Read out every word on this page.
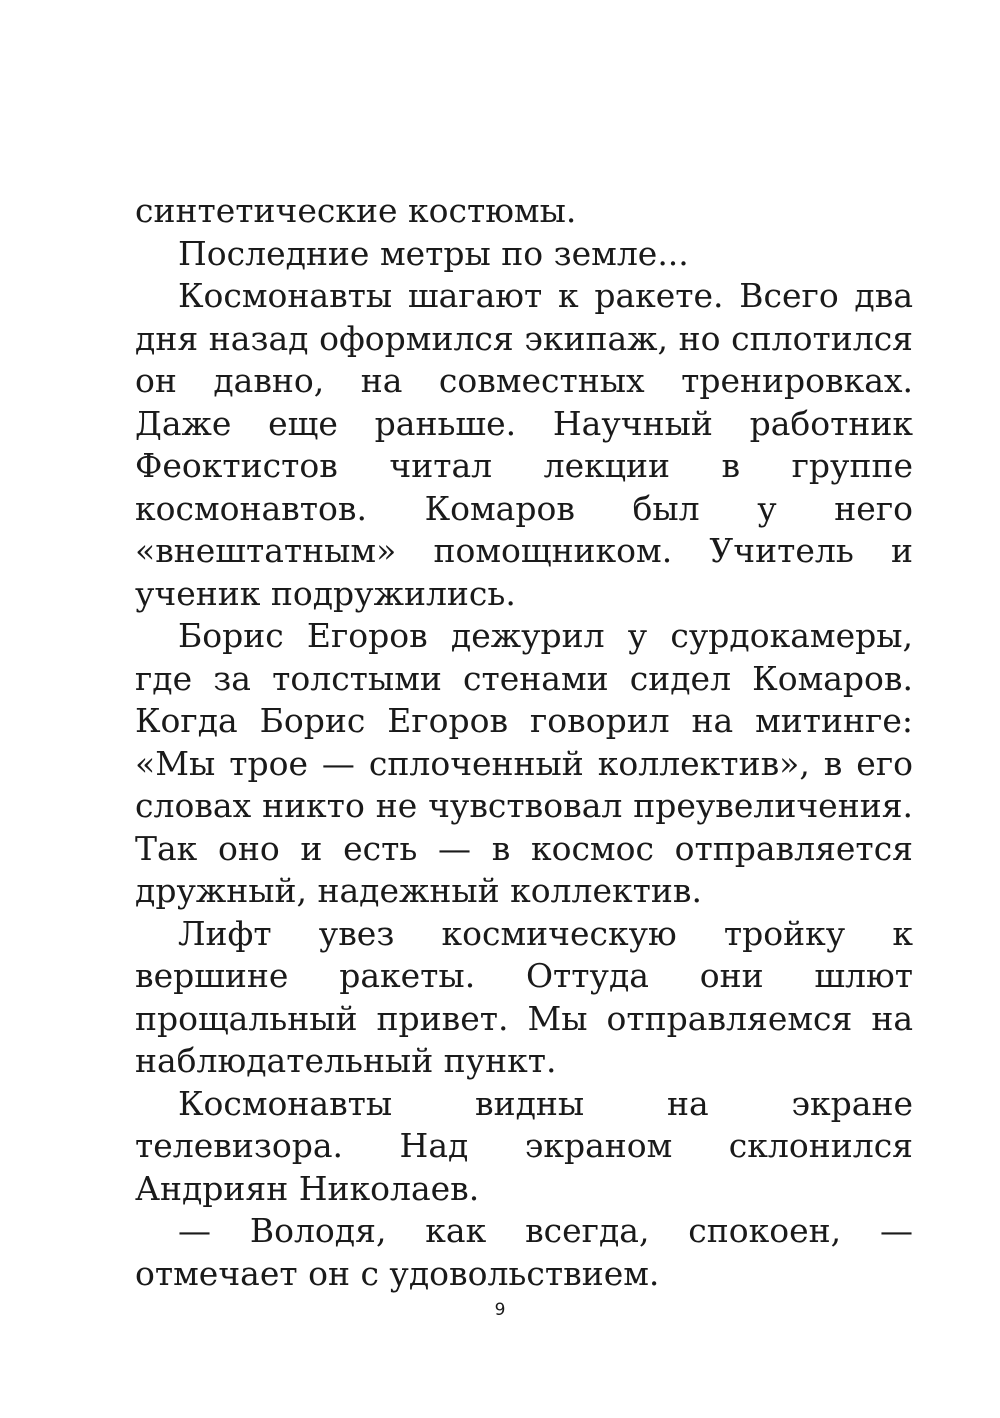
синтетические костюмы.

Последние метры по земле...

Космонавты шагают к ракете. Всего два дня назад оформился экипаж, но сплотился он давно, на совместных тренировках. Даже еще раньше. Научный работник Феоктистов читал лекции в группе космонавтов. Комаров был у него «внештатным» помощником. Учитель и ученик подружились.

Борис Егоров дежурил у сурдокамеры, где за толстыми стенами сидел Комаров. Когда Борис Егоров говорил на митинге: «Мы трое — сплоченный коллектив», в его словах никто не чувствовал преувеличения. Так оно и есть — в космос отправляется дружный, надежный коллектив.

Лифт увез космическую тройку к вершине ракеты. Оттуда они шлют прощальный привет. Мы отправляемся на наблюдательный пункт.

Космонавты видны на экране телевизора. Над экраном склонился Андриян Николаев.

— Володя, как всегда, спокоен, — отмечает он с удовольствием.

9
